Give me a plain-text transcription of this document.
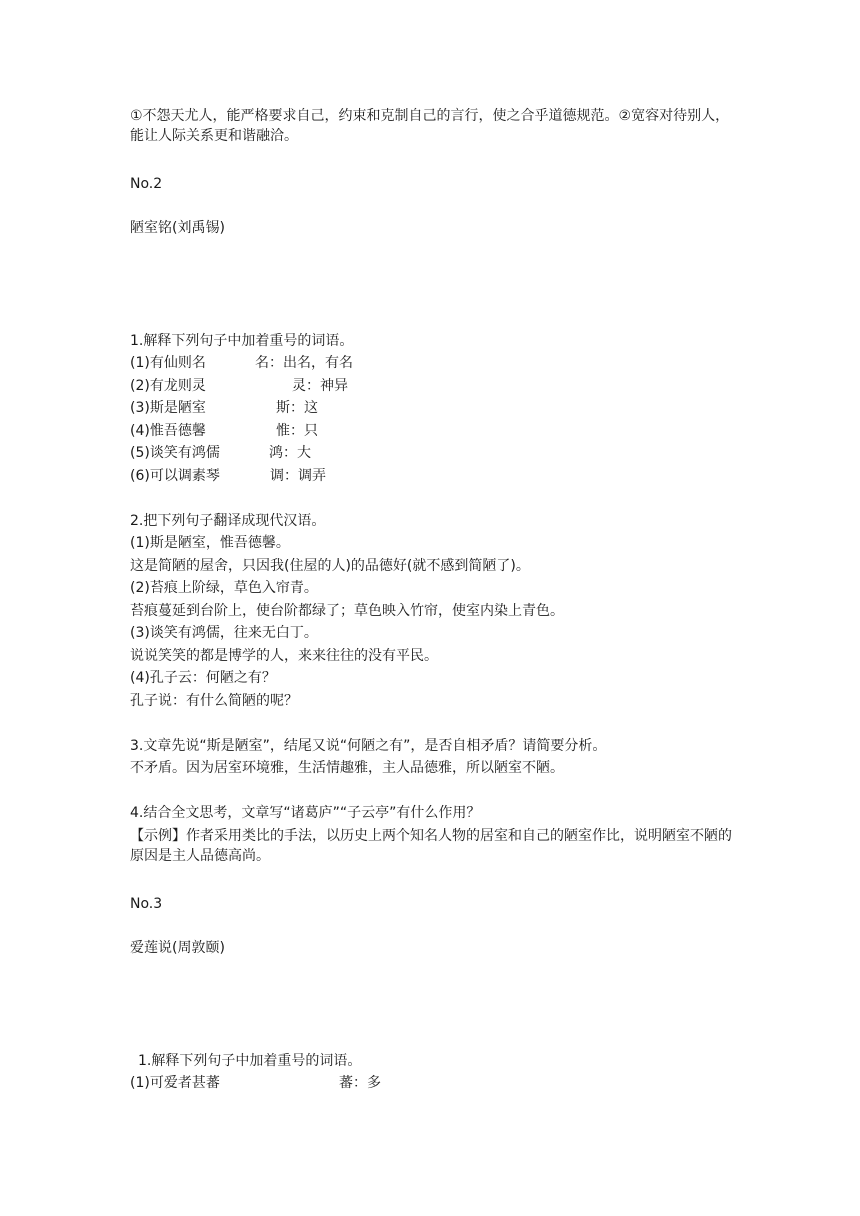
①不怨天尤人，能严格要求自己，约束和克制自己的言行，使之合乎道德规范。②宽容对待别人，能让人际关系更和谐融洽。
No.2
陋室铭(刘禹锡)
1.解释下列句子中加着重号的词语。
(1)有仙则名	名：出名，有名
(2)有龙则灵	灵：神异
(3)斯是陋室	斯：这
(4)惟吾德馨	惟：只
(5)谈笑有鸿儒	鸿：大
(6)可以调素琴	调：调弄
2.把下列句子翻译成现代汉语。
(1)斯是陋室，惟吾德馨。
这是简陋的屋舍，只因我(住屋的人)的品德好(就不感到简陋了)。
(2)苔痕上阶绿，草色入帘青。
苔痕蔓延到台阶上，使台阶都绿了；草色映入竹帘，使室内染上青色。
(3)谈笑有鸿儒，往来无白丁。
说说笑笑的都是博学的人，来来往往的没有平民。
(4)孔子云：何陋之有？
孔子说：有什么简陋的呢？
3.文章先说“斯是陋室”，结尾又说“何陋之有”，是否自相矛盾？请简要分析。
不矛盾。因为居室环境雅，生活情趣雅，主人品德雅，所以陋室不陋。
4.结合全文思考，文章写“诸葛庐”“子云亭”有什么作用？
【示例】作者采用类比的手法，以历史上两个知名人物的居室和自己的陋室作比，说明陋室不陋的原因是主人品德高尚。
No.3
爱莲说(周敦颐)
1.解释下列句子中加着重号的词语。
(1)可爱者甚蕃	蕃：多
